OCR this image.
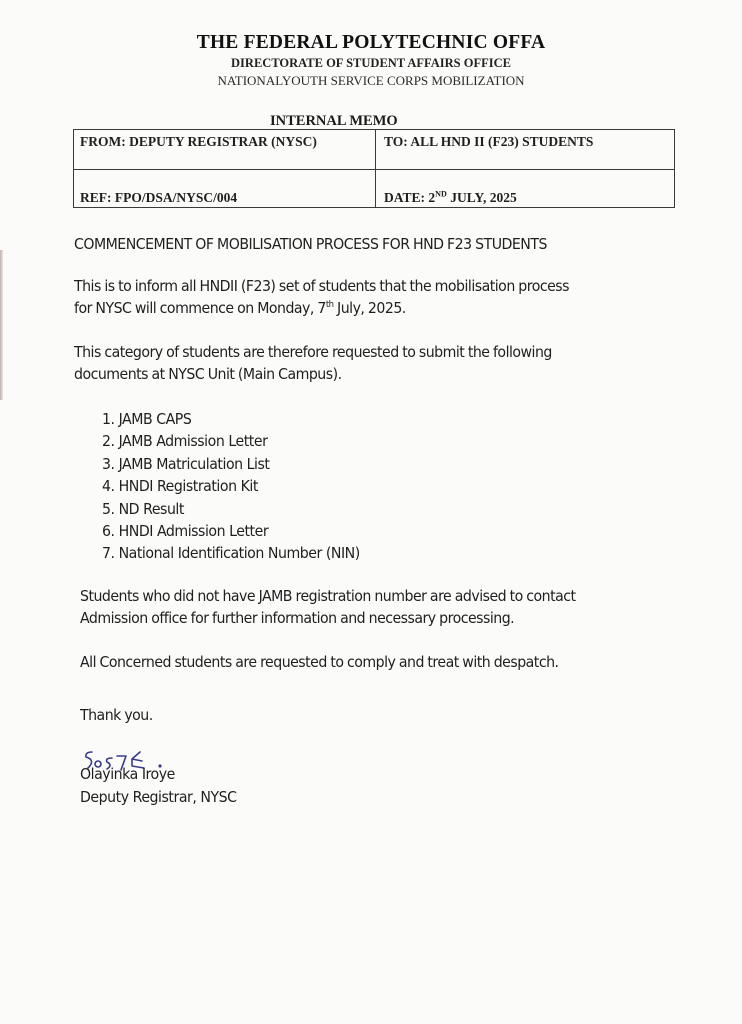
THE FEDERAL POLYTECHNIC OFFA
DIRECTORATE OF STUDENT AFFAIRS OFFICE
NATIONALYOUTH SERVICE CORPS MOBILIZATION
INTERNAL MEMO
FROM: DEPUTY REGISTRAR (NYSC)	TO: ALL HND II (F23) STUDENTS
REF: FPO/DSA/NYSC/004	DATE: 2ND JULY, 2025
COMMENCEMENT OF MOBILISATION PROCESS FOR HND F23 STUDENTS
This is to inform all HNDII (F23) set of students that the mobilisation process
for NYSC will commence on Monday, 7th July, 2025.
This category of students are therefore requested to submit the following
documents at NYSC Unit (Main Campus).
1. JAMB CAPS
2. JAMB Admission Letter
3. JAMB Matriculation List
4. HNDI Registration Kit
5. ND Result
6. HNDI Admission Letter
7. National Identification Number (NIN)
Students who did not have JAMB registration number are advised to contact
Admission office for further information and necessary processing.
All Concerned students are requested to comply and treat with despatch.
Thank you.
Olayinka Iroye
Deputy Registrar, NYSC
